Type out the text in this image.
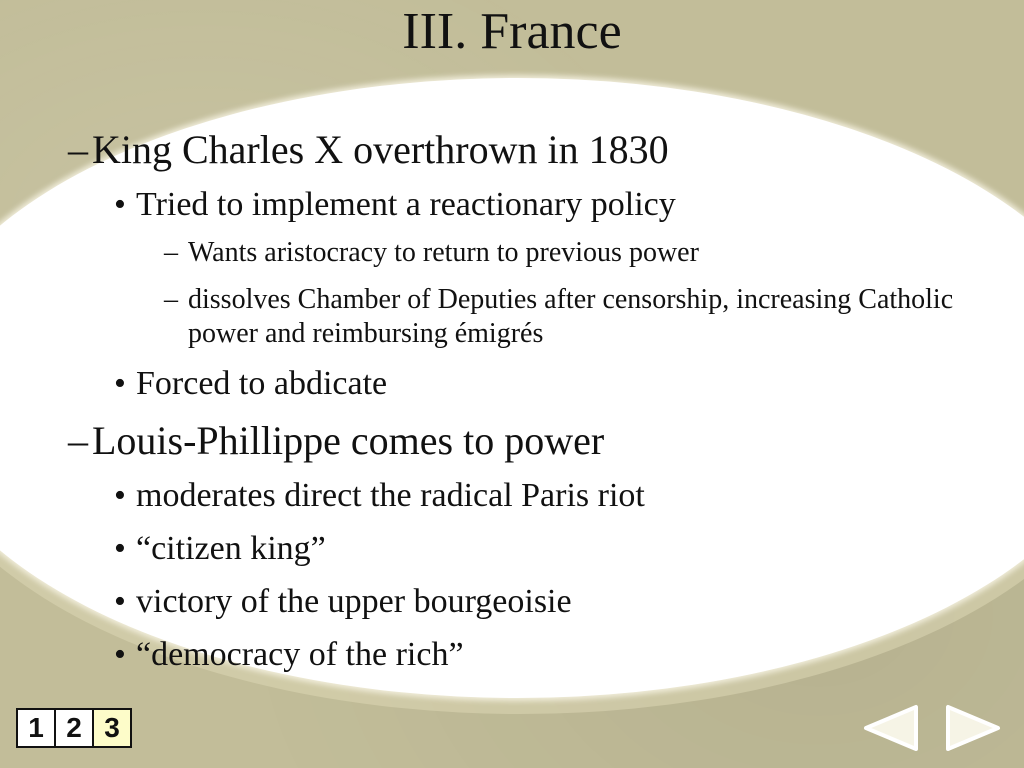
III. France
– King Charles X overthrown in 1830
• Tried to implement a reactionary policy
– Wants aristocracy to return to previous power
– dissolves Chamber of Deputies after censorship, increasing Catholic power and reimbursing émigrés
• Forced to abdicate
– Louis-Phillippe comes to power
• moderates direct the radical Paris riot
• “citizen king”
• victory of the upper bourgeoisie
• “democracy of the rich”
1 2 3
